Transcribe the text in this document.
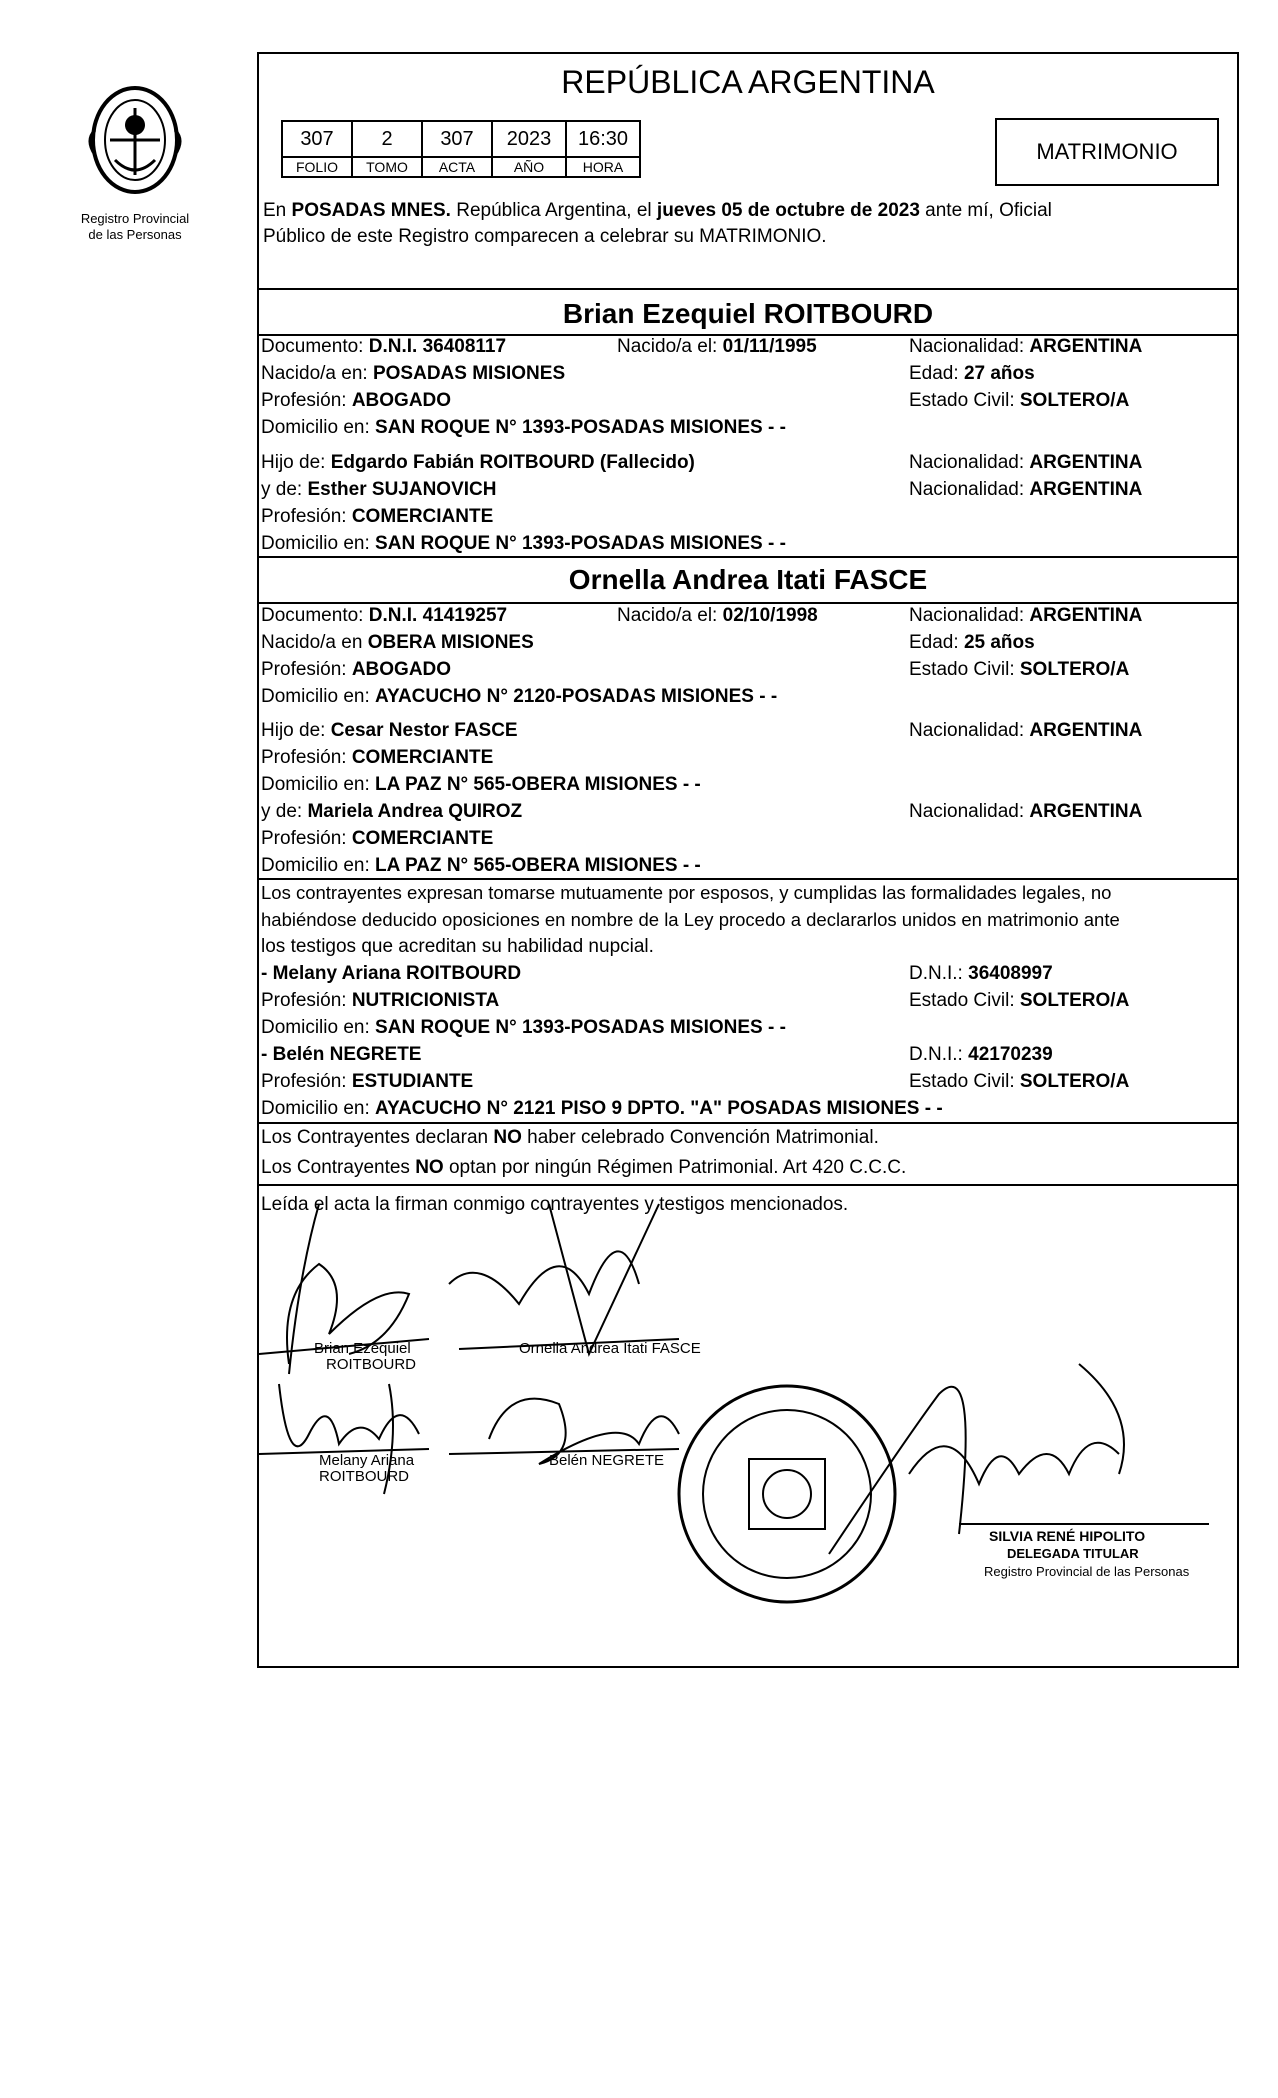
Registro Provincial
de las Personas
REPÚBLICA ARGENTINA
307	2	307	2023	16:30
FOLIO	TOMO	ACTA	AÑO	HORA
MATRIMONIO
En POSADAS MNES. República Argentina, el jueves 05 de octubre de 2023 ante mí, Oficial
Público de este Registro comparecen a celebrar su MATRIMONIO.
Brian Ezequiel ROITBOURD
Documento: D.N.I. 36408117	Nacido/a el: 01/11/1995	Nacionalidad: ARGENTINA
Nacido/a en: POSADAS MISIONES	Edad: 27 años
Profesión: ABOGADO	Estado Civil: SOLTERO/A
Domicilio en: SAN ROQUE N° 1393-POSADAS MISIONES - -
Hijo de: Edgardo Fabián ROITBOURD (Fallecido)	Nacionalidad: ARGENTINA
y de: Esther SUJANOVICH	Nacionalidad: ARGENTINA
Profesión: COMERCIANTE
Domicilio en: SAN ROQUE N° 1393-POSADAS MISIONES - -
Ornella Andrea Itati FASCE
Documento: D.N.I. 41419257	Nacido/a el: 02/10/1998	Nacionalidad: ARGENTINA
Nacido/a en OBERA MISIONES	Edad: 25 años
Profesión: ABOGADO	Estado Civil: SOLTERO/A
Domicilio en: AYACUCHO N° 2120-POSADAS MISIONES - -
Hijo de: Cesar Nestor FASCE	Nacionalidad: ARGENTINA
Profesión: COMERCIANTE
Domicilio en: LA PAZ N° 565-OBERA MISIONES - -
y de: Mariela Andrea QUIROZ	Nacionalidad: ARGENTINA
Profesión: COMERCIANTE
Domicilio en: LA PAZ N° 565-OBERA MISIONES - -
Los contrayentes expresan tomarse mutuamente por esposos, y cumplidas las formalidades legales, no
habiéndose deducido oposiciones en nombre de la Ley procedo a declararlos unidos en matrimonio ante
los testigos que acreditan su habilidad nupcial.
- Melany Ariana ROITBOURD	D.N.I.: 36408997
Profesión: NUTRICIONISTA	Estado Civil: SOLTERO/A
Domicilio en: SAN ROQUE N° 1393-POSADAS MISIONES - -
- Belén NEGRETE	D.N.I.: 42170239
Profesión: ESTUDIANTE	Estado Civil: SOLTERO/A
Domicilio en: AYACUCHO N° 2121 PISO 9 DPTO. "A" POSADAS MISIONES - -
Los Contrayentes declaran NO haber celebrado Convención Matrimonial.
Los Contrayentes NO optan por ningún Régimen Patrimonial. Art 420 C.C.C.
Leída el acta la firman conmigo contrayentes y testigos mencionados.
Brian Ezequiel
ROITBOURD
Ornella Andrea Itati FASCE
Melany Ariana
ROITBOURD
Belén NEGRETE
SILVIA RENÉ HIPOLITO
DELEGADA TITULAR
Registro Provincial de las Personas
